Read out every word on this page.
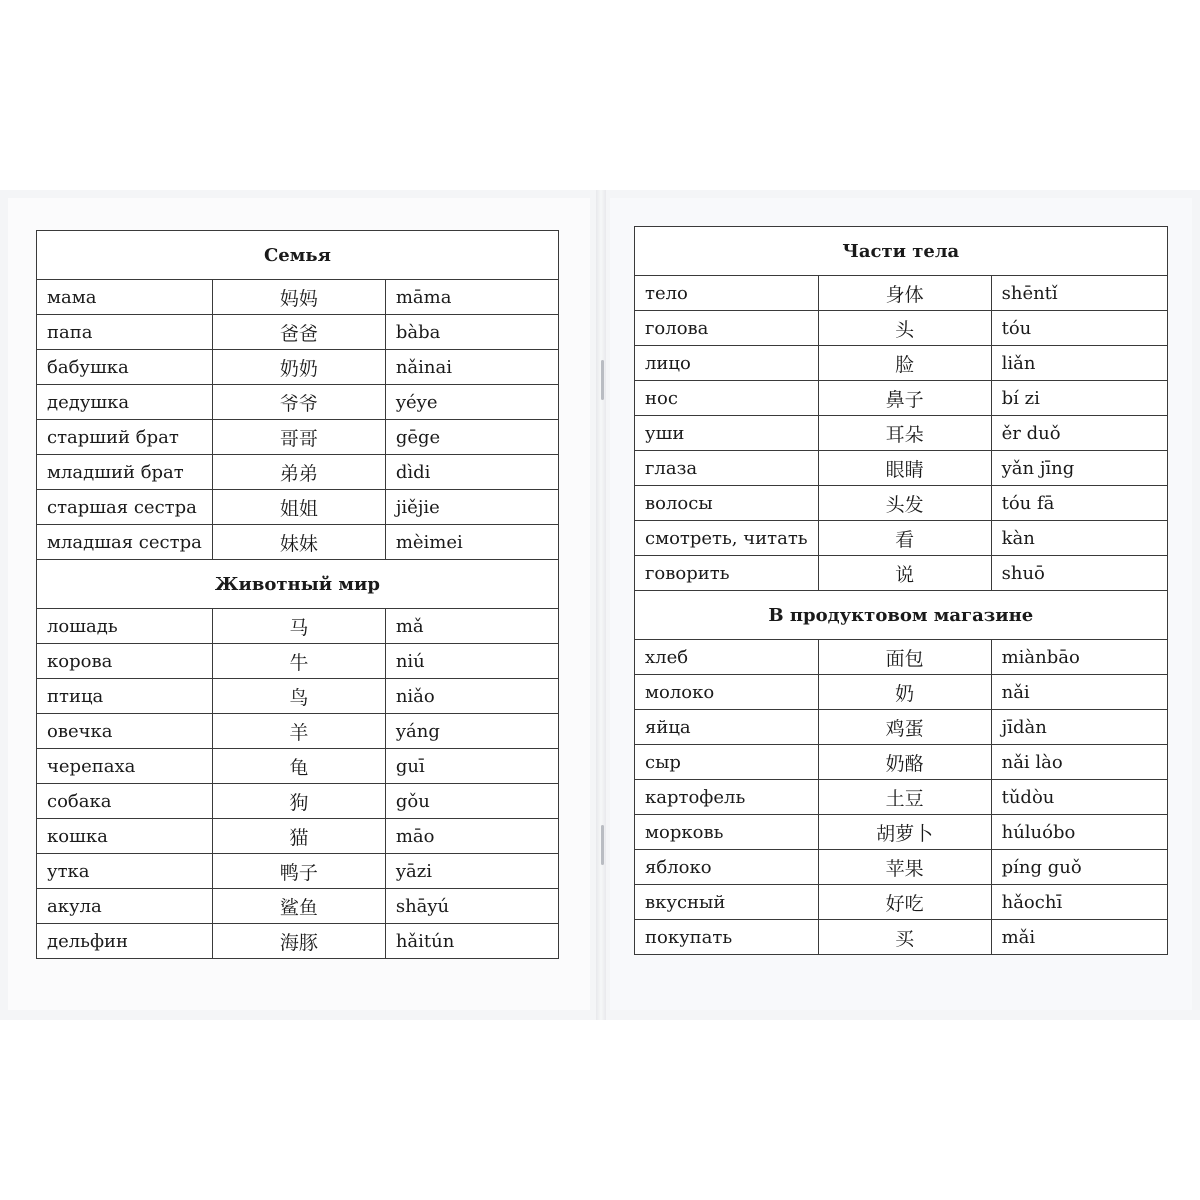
Семья		
мама	妈妈	māma
папа	爸爸	bàba
бабушка	奶奶	nǎinai
дедушка	爷爷	yéye
старший брат	哥哥	gēge
младший брат	弟弟	dìdi
старшая сестра	姐姐	jiějie
младшая сестра	妹妹	mèimei
Животный мир		
лошадь	马	mǎ
корова	牛	niú
птица	鸟	niǎo
овечка	羊	yáng
черепаха	龟	guī
собака	狗	gǒu
кошка	猫	māo
утка	鸭子	yāzi
акула	鲨鱼	shāyú
дельфин	海豚	hǎitún
Части тела		
тело	身体	shēntǐ
голова	头	tóu
лицо	脸	liǎn
нос	鼻子	bí zi
уши	耳朵	ěr duǒ
глаза	眼睛	yǎn jīng
волосы	头发	tóu fā
смотреть, читать	看	kàn
говорить	说	shuō
В продуктовом магазине		
хлеб	面包	miànbāo
молоко	奶	nǎi
яйца	鸡蛋	jīdàn
сыр	奶酪	nǎi lào
картофель	土豆	tǔdòu
морковь	胡萝卜	húluóbo
яблоко	苹果	píng guǒ
вкусный	好吃	hǎochī
покупать	买	mǎi
